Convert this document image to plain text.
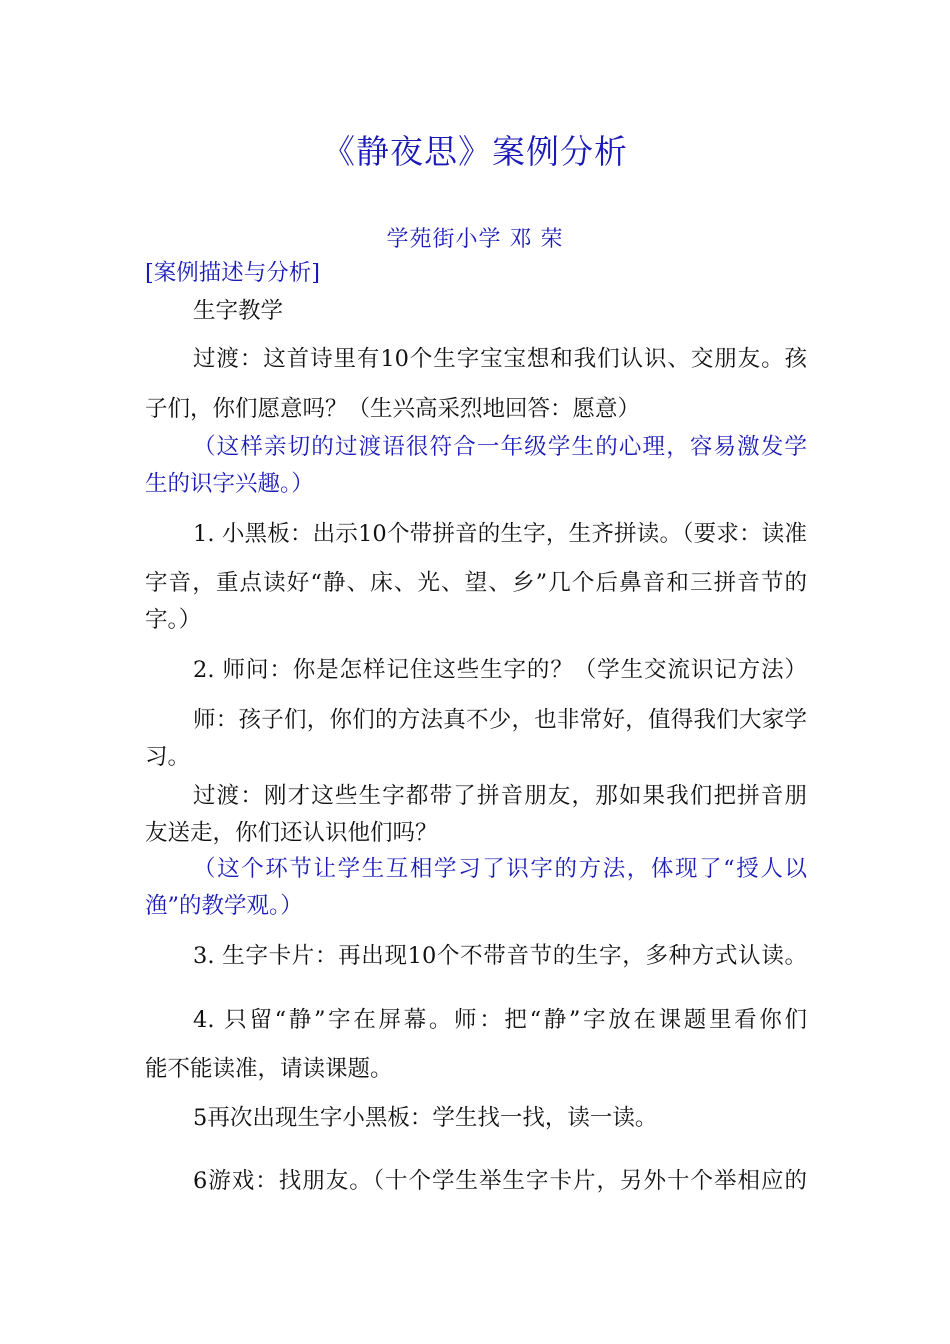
《静夜思》案例分析
学苑街小学 邓 荣
[案例描述与分析]
生字教学
过渡：这首诗里有10个生字宝宝想和我们认识、交朋友。孩
子们，你们愿意吗？（生兴高采烈地回答：愿意）
（这样亲切的过渡语很符合一年级学生的心理，容易激发学
生的识字兴趣。）
1. 小黑板：出示10个带拼音的生字，生齐拼读。（要求：读准
字音，重点读好“静、床、光、望、乡”几个后鼻音和三拼音节的
字。）
2. 师问：你是怎样记住这些生字的？（学生交流识记方法）
师：孩子们，你们的方法真不少，也非常好，值得我们大家学
习。
过渡：刚才这些生字都带了拼音朋友，那如果我们把拼音朋
友送走，你们还认识他们吗？
（这个环节让学生互相学习了识字的方法，体现了“授人以
渔”的教学观。）
3. 生字卡片：再出现10个不带音节的生字，多种方式认读。
4. 只留“静”字在屏幕。师：把“静”字放在课题里看你们
能不能读准，请读课题。
5再次出现生字小黑板：学生找一找，读一读。
6游戏：找朋友。（十个学生举生字卡片，另外十个举相应的
